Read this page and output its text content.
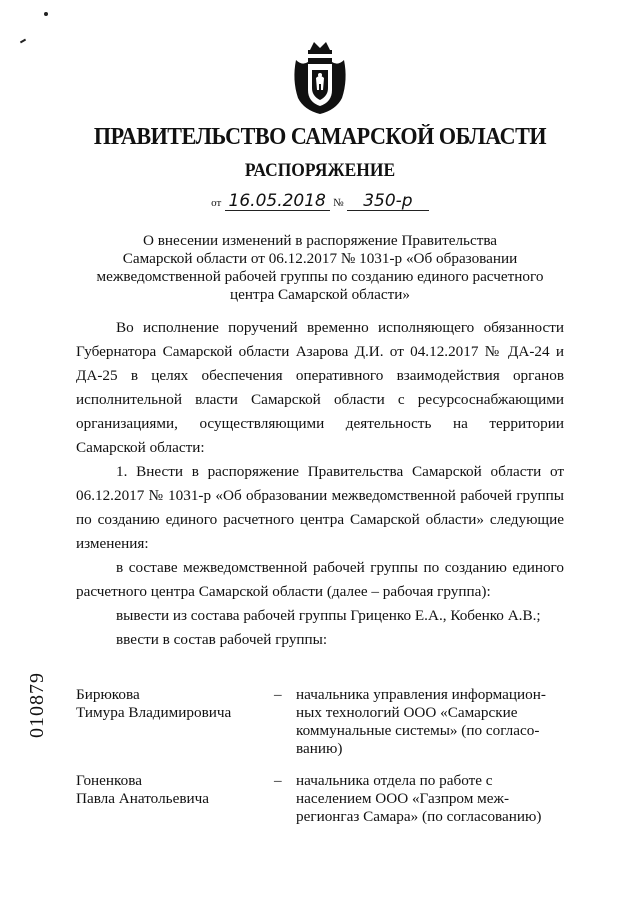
ПРАВИТЕЛЬСТВО САМАРСКОЙ ОБЛАСТИ
РАСПОРЯЖЕНИЕ
от 16.05.2018 № 350-р
О внесении изменений в распоряжение Правительства
Самарской области от 06.12.2017 № 1031-р «Об образовании
межведомственной рабочей группы по созданию единого расчетного
центра Самарской области»

Во исполнение поручений временно исполняющего обязанности Губернатора Самарской области Азарова Д.И. от 04.12.2017 № ДА-24 и ДА-25 в целях обеспечения оперативного взаимодействия органов исполнительной власти Самарской области с ресурсоснабжающими организациями, осуществляющими деятельность на территории Самарской области:

1. Внести в распоряжение Правительства Самарской области от 06.12.2017 № 1031-р «Об образовании межведомственной рабочей группы по созданию единого расчетного центра Самарской области» следующие изменения:

в составе межведомственной рабочей группы по созданию единого расчетного центра Самарской области (далее – рабочая группа):

вывести из состава рабочей группы Гриценко Е.А., Кобенко А.В.;

ввести в состав рабочей группы:

010879 Бирюкова
Тимура Владимировича
– начальника управления информацион-
ных технологий ООО «Самарские
коммунальные системы» (по согласо-
ванию)
Гоненкова
Павла Анатольевича
– начальника отдела по работе с
населением ООО «Газпром меж-
регионгаз Самара» (по согласованию)
